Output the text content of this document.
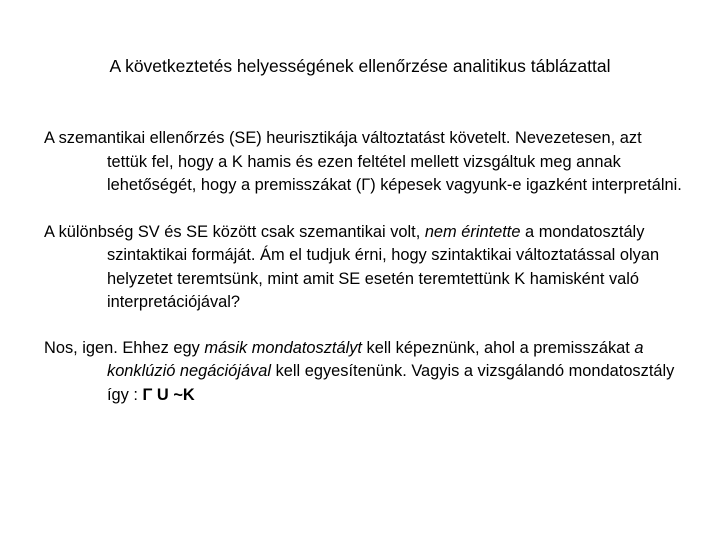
A következtetés helyességének ellenőrzése analitikus táblázattal

A szemantikai ellenőrzés (SE) heurisztikája változtatást követelt. Nevezetesen, azt tettük fel, hogy a K hamis és ezen feltétel mellett vizsgáltuk meg annak lehetőségét, hogy a premisszákat (Γ) képesek vagyunk-e igazként interpretálni.

A különbség SV és SE között csak szemantikai volt, nem érintette a mondatosztály szintaktikai formáját. Ám el tudjuk érni, hogy szintaktikai változtatással olyan helyzetet teremtsünk, mint amit SE esetén teremtettünk K hamisként való interpretációjával?

Nos, igen. Ehhez egy másik mondatosztályt kell képeznünk, ahol a premisszákat a konklúzió negációjával kell egyesítenünk. Vagyis a vizsgálandó mondatosztály így : Γ U ~K
